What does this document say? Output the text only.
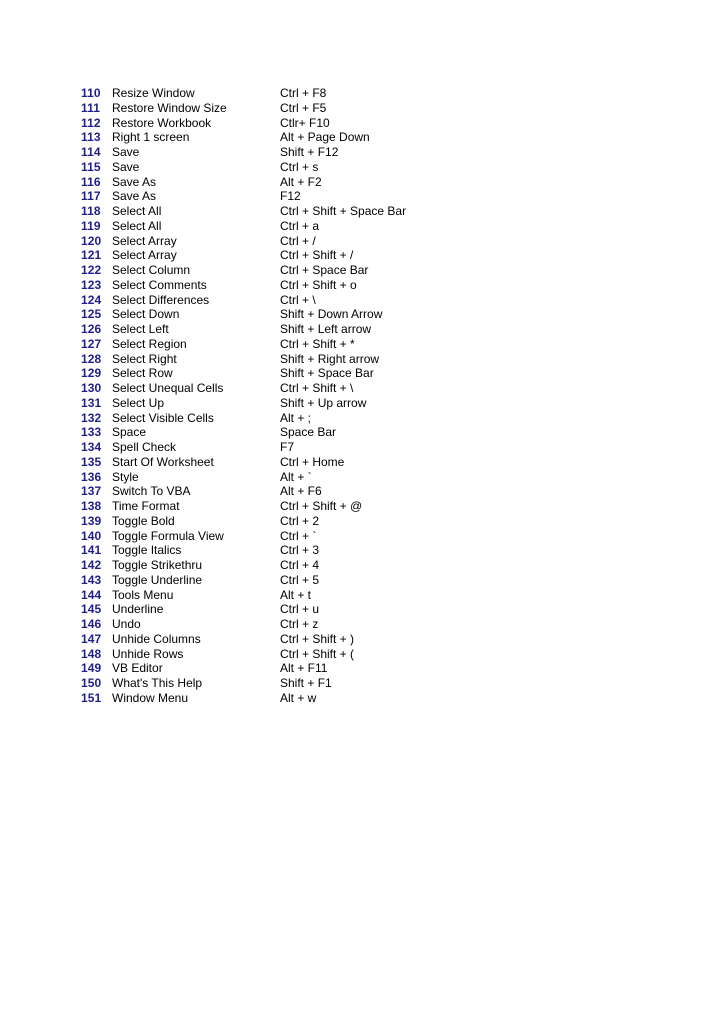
110	Resize Window	Ctrl + F8
111	Restore Window Size	Ctrl + F5
112	Restore Workbook	Ctlr+ F10
113	Right 1 screen	Alt + Page Down
114	Save	Shift + F12
115	Save	Ctrl + s
116	Save As	Alt + F2
117	Save As	F12
118	Select All	Ctrl + Shift + Space Bar
119	Select All	Ctrl + a
120	Select Array	Ctrl + /
121	Select Array	Ctrl + Shift + /
122	Select Column	Ctrl + Space Bar
123	Select Comments	Ctrl + Shift + o
124	Select Differences	Ctrl + \
125	Select Down	Shift + Down Arrow
126	Select Left	Shift + Left arrow
127	Select Region	Ctrl + Shift + *
128	Select Right	Shift + Right arrow
129	Select Row	Shift + Space Bar
130	Select Unequal Cells	Ctrl + Shift + \
131	Select Up	Shift + Up arrow
132	Select Visible Cells	Alt + ;
133	Space	Space Bar
134	Spell Check	F7
135	Start Of Worksheet	Ctrl + Home
136	Style	Alt + `
137	Switch To VBA	Alt + F6
138	Time Format	Ctrl + Shift + @
139	Toggle Bold	Ctrl + 2
140	Toggle Formula View	Ctrl + `
141	Toggle Italics	Ctrl + 3
142	Toggle Strikethru	Ctrl + 4
143	Toggle Underline	Ctrl + 5
144	Tools Menu	Alt + t
145	Underline	Ctrl + u
146	Undo	Ctrl + z
147	Unhide Columns	Ctrl + Shift + )
148	Unhide Rows	Ctrl + Shift + (
149	VB Editor	Alt + F11
150	What's This Help	Shift + F1
151	Window Menu	Alt + w
